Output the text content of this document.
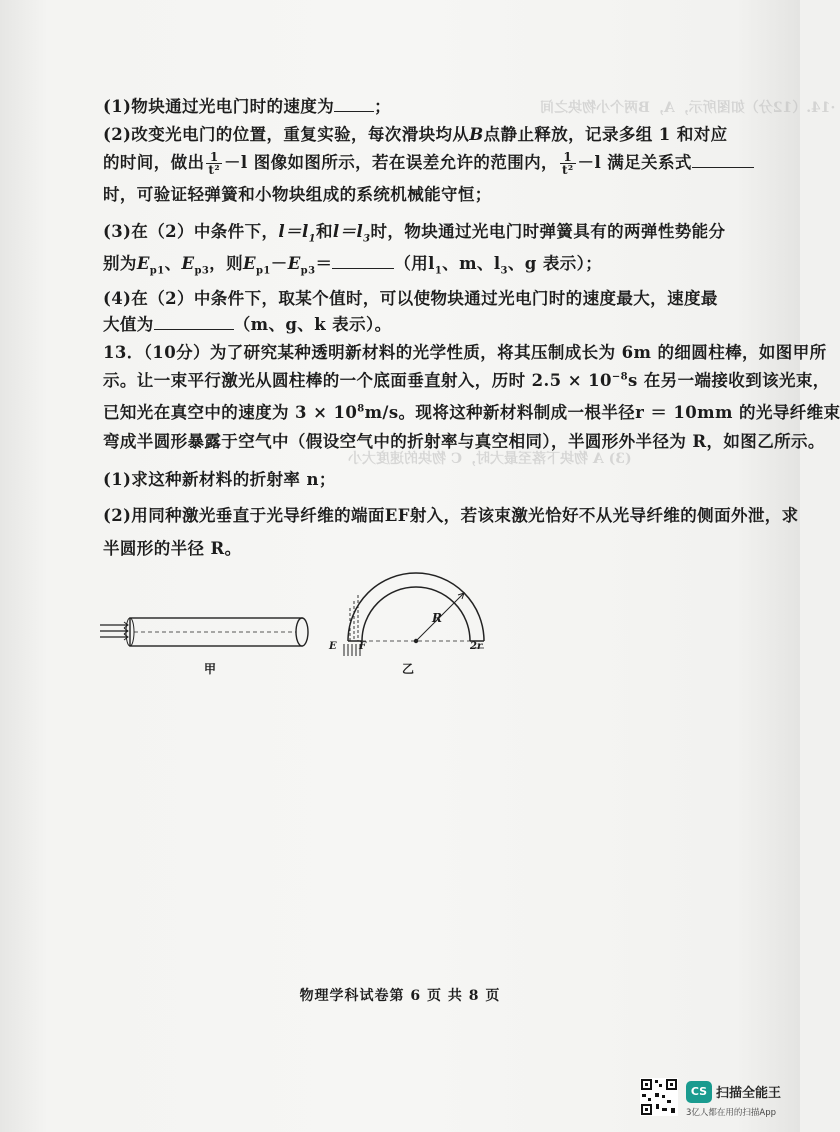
·14.（12分）如图所示，A，B两个小物块之间
(3) A 物块下落至最大时，C 物块的速度大小
(1)物块通过光电门时的速度为 ；
(2)改变光电门的位置，重复实验，每次滑块均从B点静止释放，记录多组 1 和对应
的时间，做出 $\frac{1}{\text{t²}} -l$ 图像如图所示，若在误差允许的范围内， $\frac{1}{\text{t²}} -l$ 满足关系式
时，可验证轻弹簧和小物块组成的系统机械能守恒；
(3)在（2）中条件下，$l=l_1$和$l=l_3$时，物块通过光电门时弹簧具有的两弹性势能分
别为$E_{p1}$、$E_{p3}$，则$E_{p1}-E_{p3}=$	（用$l_1$、m、$l_3$、g 表示）；
(4)在（2）中条件下，取某个值时，可以使物块通过光电门时的速度最大，速度最
大值为	（m、g、k 表示）。
13．（10分）为了研究某种透明新材料的光学性质，将其压制成长为 6m 的细圆柱棒，如图甲所
示。让一束平行激光从圆柱棒的一个底面垂直射入，历时 $2.5 \times 10^{-8}s$ 在另一端接收到该光束，
已知光在真空中的速度为 $3 \times 10^8m/s$。现将这种新材料制成一根半径r ＝ 10mm 的光导纤维束
弯成半圆形暴露于空气中（假设空气中的折射率与真空相同），半圆形外半径为 R，如图乙所示。
(1)求这种新材料的折射率 n；
(2)用同种激光垂直于光导纤维的端面EF射入，若该束激光恰好不从光导纤维的侧面外泄，求
半圆形的半径 R。
甲
R
E F	2r
乙
物理学科试卷第 6 页 共 8 页
CS 扫描全能王
3亿人都在用的扫描App
